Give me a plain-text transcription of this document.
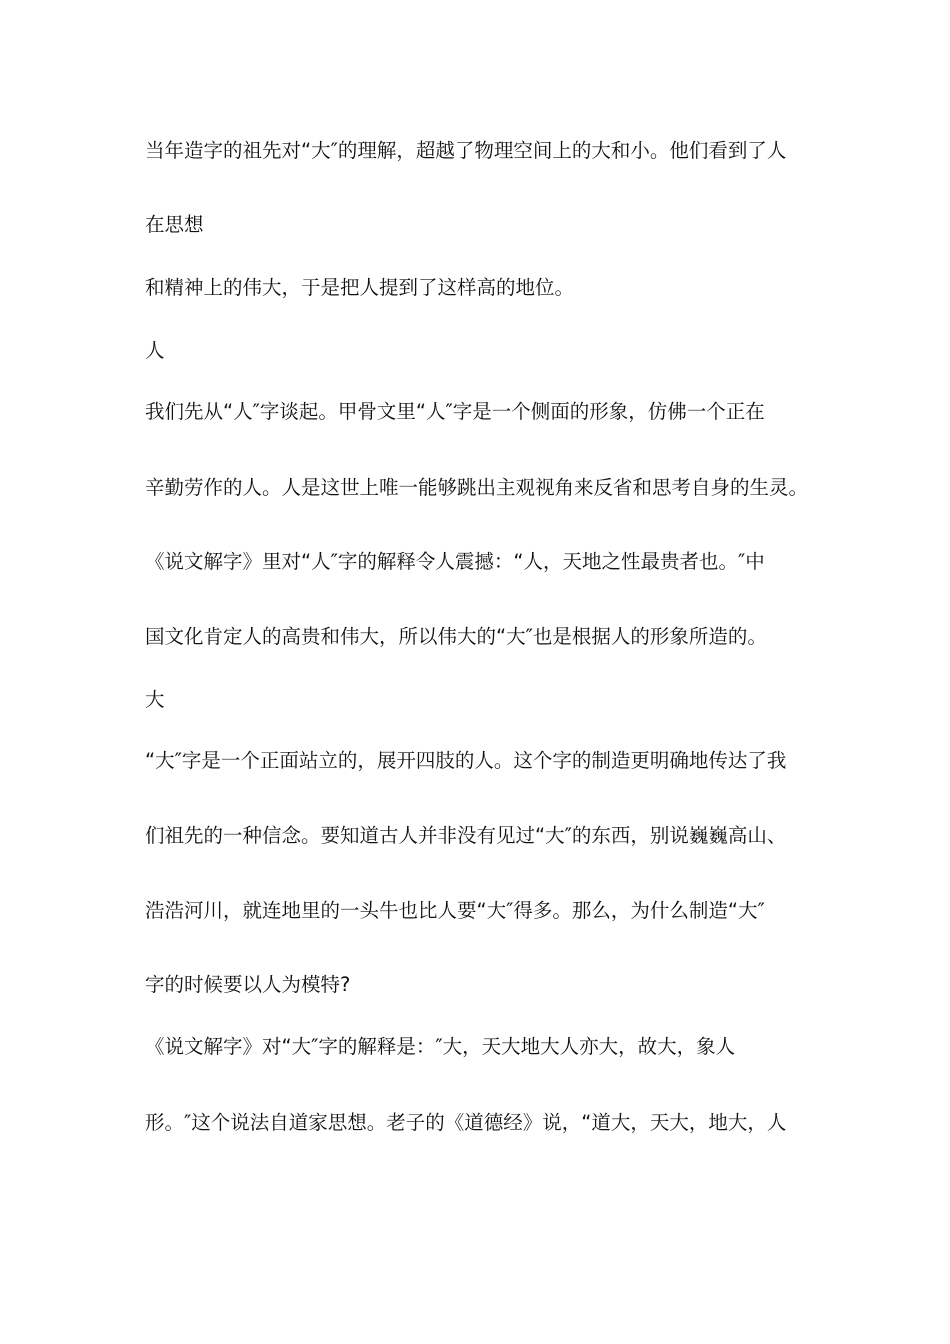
当年造字的祖先对“大″的理解，超越了物理空间上的大和小。他们看到了人
在思想
和精神上的伟大，于是把人提到了这样高的地位。
人
我们先从“人″字谈起。甲骨文里“人″字是一个侧面的形象，仿佛一个正在
辛勤劳作的人。人是这世上唯一能够跳出主观视角来反省和思考自身的生灵。
《说文解字》里对“人″字的解释令人震撼：“人，天地之性最贵者也。″中
国文化肯定人的高贵和伟大，所以伟大的“大″也是根据人的形象所造的。
大
“大″字是一个正面站立的，展开四肢的人。这个字的制造更明确地传达了我
们祖先的一种信念。要知道古人并非没有见过“大″的东西，别说巍巍高山、
浩浩河川，就连地里的一头牛也比人要“大″得多。那么，为什么制造“大″
字的时候要以人为模特?
《说文解字》对“大″字的解释是：″大，天大地大人亦大，故大，象人
形。″这个说法自道家思想。老子的《道德经》说，“道大，天大，地大，人
